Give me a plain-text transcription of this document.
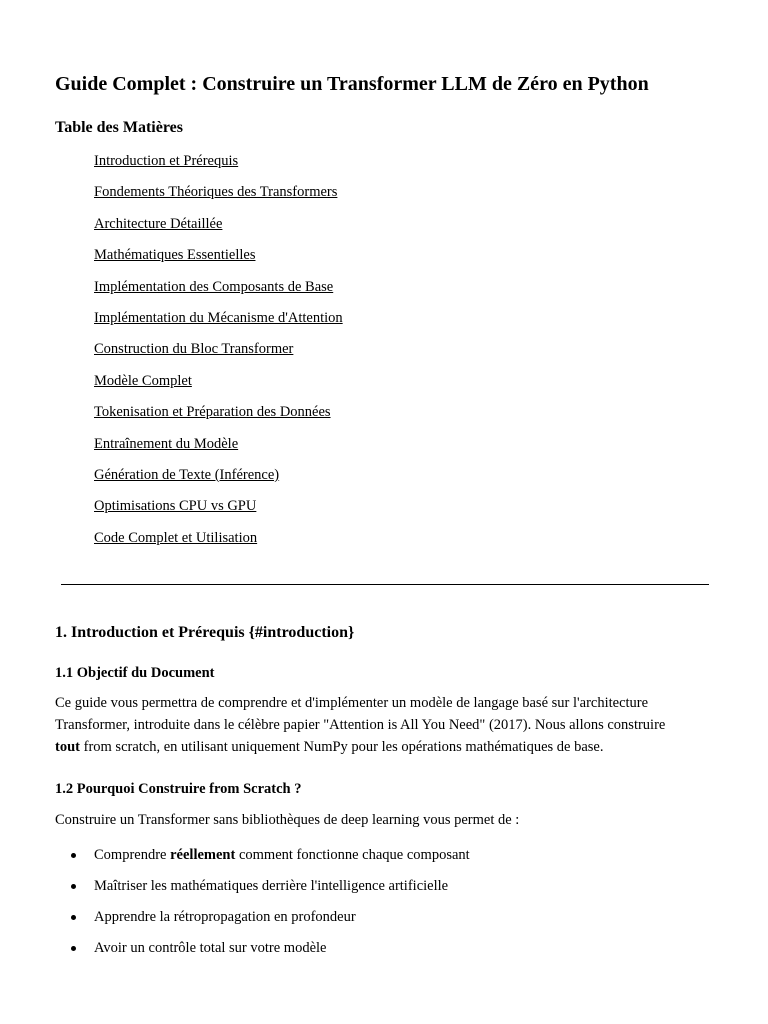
Guide Complet : Construire un Transformer LLM de Zéro en Python
Table des Matières
Introduction et Prérequis
Fondements Théoriques des Transformers
Architecture Détaillée
Mathématiques Essentielles
Implémentation des Composants de Base
Implémentation du Mécanisme d'Attention
Construction du Bloc Transformer
Modèle Complet
Tokenisation et Préparation des Données
Entraînement du Modèle
Génération de Texte (Inférence)
Optimisations CPU vs GPU
Code Complet et Utilisation
1. Introduction et Prérequis {#introduction}
1.1 Objectif du Document

Ce guide vous permettra de comprendre et d'implémenter un modèle de langage basé sur l'architecture
Transformer, introduite dans le célèbre papier "Attention is All You Need" (2017). Nous allons construire
tout from scratch, en utilisant uniquement NumPy pour les opérations mathématiques de base.

1.2 Pourquoi Construire from Scratch ?

Construire un Transformer sans bibliothèques de deep learning vous permet de :

Comprendre réellement comment fonctionne chaque composant
Maîtriser les mathématiques derrière l'intelligence artificielle
Apprendre la rétropropagation en profondeur
Avoir un contrôle total sur votre modèle
